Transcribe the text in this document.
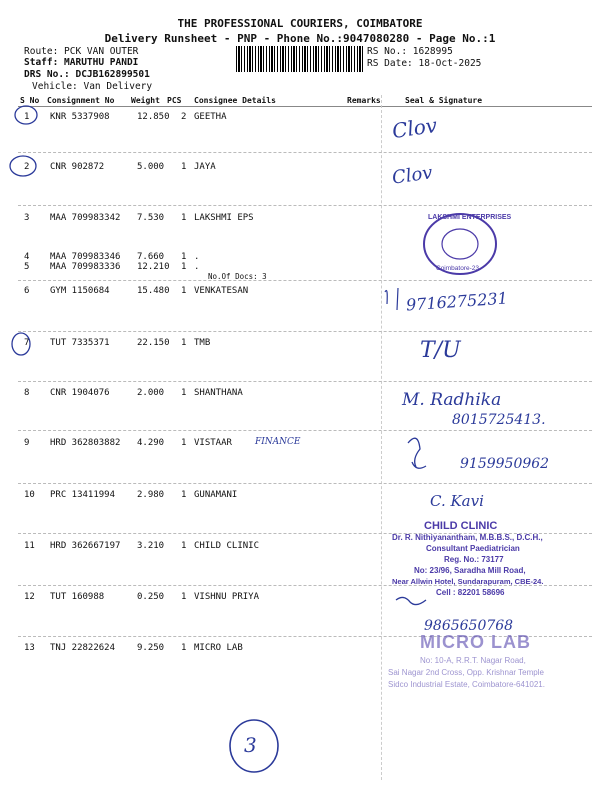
THE PROFESSIONAL COURIERS, COIMBATORE
Delivery Runsheet - PNP - Phone No.:9047080280 - Page No.:1
Route: PCK VAN OUTER
Staff: MARUTHU PANDI
DRS No.: DCJB162899501
Vehicle: Van Delivery
RS No.: 1628995
RS Date: 18-Oct-2025
S No Consignment No Weight PCS Consignee Details	Remarks	Seal & Signature
1 KNR 5337908	12.850 2 GEETHA
2 CNR 902872	5.000 1 JAYA
3 MAA 709983342 7.530 1 LAKSHMI EPS
4 MAA 709983346 7.660 1 .
5 MAA 709983336 12.210 1 .
No.Of Docs: 3
6 GYM 1150684	15.480 1 VENKATESAN
7 TUT 7335371	22.150 1 TMB
8 CNR 1904076	2.000 1 SHANTHANA
9 HRD 362803882 4.290 1 VISTAAR
10 PRC 13411994 2.980 1 GUNAMANI
11 HRD 362667197 3.210 1 CHILD CLINIC
12 TUT 160988	0.250 1 VISHNU PRIYA
13 TNJ 22822624 9.250 1 MICRO LAB
Clov
Clov
9716275231
T/U
M. Radhika
8015725413.
FINANCE
9159950962
C. Kavi
9865650768
3
LAKSHMI ENTERPRISES
Coimbatore-23
CHILD CLINIC
Dr. R. Nithiyanantham, M.B.B.S., D.C.H.,
Consultant Paediatrician
Reg. No.: 73177
No: 23/96, Saradha Mill Road,
Near Allwin Hotel, Sundarapuram, CBE-24.
Cell : 82201 58696
MICRO LAB
No: 10-A, R.R.T. Nagar Road,
Sai Nagar 2nd Cross, Opp. Krishnar Temple
Sidco Industrial Estate, Coimbatore-641021.
